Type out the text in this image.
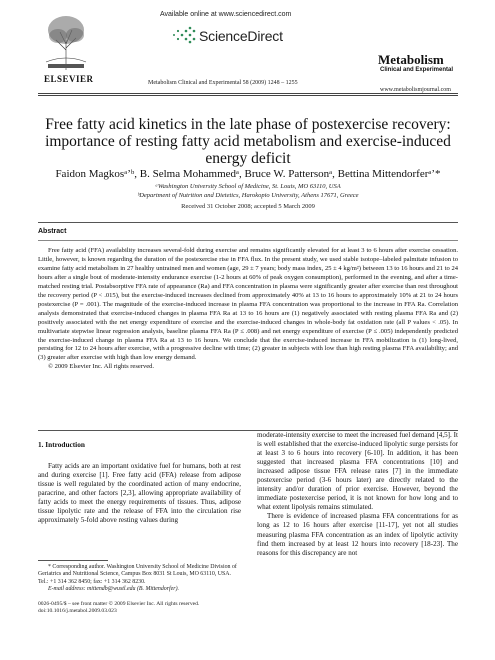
Available online at www.sciencedirect.com
ScienceDirect
ELSEVIER	Metabolism Clinical and Experimental 58 (2009) 1248 – 1255
Metabolism
Clinical and Experimental
www.metabolismjournal.com
Free fatty acid kinetics in the late phase of postexercise recovery: importance of resting fatty acid metabolism and exercise-induced energy deficit
Faidon Magkosᵃʼᵇ, B. Selma Mohammedᵃ, Bruce W. Pattersonᵃ, Bettina Mittendorferᵃʼ*
ᵃWashington University School of Medicine, St. Louis, MO 63110, USA
ᵇDepartment of Nutrition and Dietetics, Harokopio University, Athens 17671, Greece
Received 31 October 2008; accepted 5 March 2009
Abstract
Free fatty acid (FFA) availability increases several-fold during exercise and remains significantly elevated for at least 3 to 6 hours after exercise cessation. Little, however, is known regarding the duration of the postexercise rise in FFA flux. In the present study, we used stable isotope–labeled palmitate infusion to examine fatty acid metabolism in 27 healthy untrained men and women (age, 29 ± 7 years; body mass index, 25 ± 4 kg/m²) between 13 to 16 hours and 21 to 24 hours after a single bout of moderate-intensity endurance exercise (1-2 hours at 60% of peak oxygen consumption), performed in the evening, and after a time-matched resting trial. Postabsorptive FFA rate of appearance (Ra) and FFA concentration in plasma were significantly greater after exercise than rest throughout the recovery period (P < .015), but the exercise-induced increases declined from approximately 40% at 13 to 16 hours to approximately 10% at 21 to 24 hours postexercise (P = .001). The magnitude of the exercise-induced increase in plasma FFA concentration was proportional to the increase in FFA Ra. Correlation analysis demonstrated that exercise-induced changes in plasma FFA Ra at 13 to 16 hours are (1) negatively associated with resting plasma FFA Ra and (2) positively associated with the net energy expenditure of exercise and the exercise-induced changes in whole-body fat oxidation rate (all P values < .05). In multivariate stepwise linear regression analysis, baseline plasma FFA Ra (P ≤ .008) and net energy expenditure of exercise (P ≤ .005) independently predicted the exercise-induced change in plasma FFA Ra at 13 to 16 hours. We conclude that the exercise-induced increase in FFA mobilization is (1) long-lived, persisting for 12 to 24 hours after exercise, with a progressive decline with time; (2) greater in subjects with low than high resting plasma FFA availability; and (3) greater after exercise with high than low energy demand.
© 2009 Elsevier Inc. All rights reserved.
1. Introduction
Fatty acids are an important oxidative fuel for humans, both at rest and during exercise [1]. Free fatty acid (FFA) release from adipose tissue is well regulated by the coordinated action of many endocrine, paracrine, and other factors [2,3], allowing appropriate availability of fatty acids to meet the energy requirements of tissues. Thus, adipose tissue lipolytic rate and the release of FFA into the circulation rise approximately 5-fold above resting values during
moderate-intensity exercise to meet the increased fuel demand [4,5]. It is well established that the exercise-induced lipolytic surge persists for at least 3 to 6 hours into recovery [6-10]. In addition, it has been suggested that increased plasma FFA concentrations [10] and increased adipose tissue FFA release rates [7] in the immediate postexercise period (3-6 hours later) are directly related to the intensity and/or duration of prior exercise. However, beyond the immediate postexercise period, it is not known for how long and to what extent lipolysis remains stimulated.
There is evidence of increased plasma FFA concentrations for as long as 12 to 16 hours after exercise [11-17], yet not all studies measuring plasma FFA concentration as an index of lipolytic activity find them increased by at least 12 hours into recovery [18-23]. The reasons for this discrepancy are not
* Corresponding author. Washington University School of Medicine Division of Geriatrics and Nutritional Science, Campus Box 8031 St Louis, MO 63110, USA. Tel.: +1 314 362 8450; fax: +1 314 362 8230.
E-mail address: mittendb@wustl.edu (B. Mittendorfer).
0026-0495/$ – see front matter © 2009 Elsevier Inc. All rights reserved.
doi:10.1016/j.metabol.2009.03.023
